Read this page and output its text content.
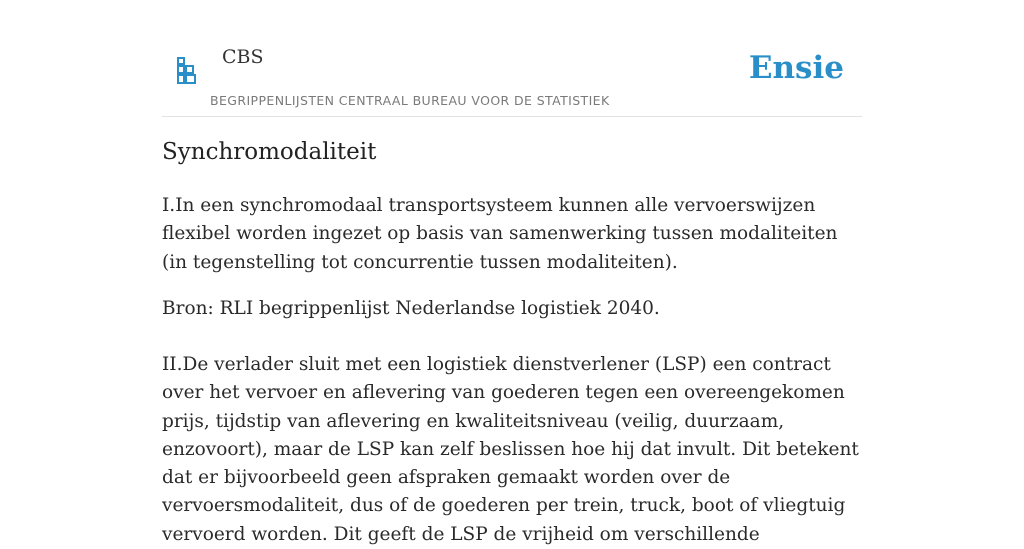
CBS
BEGRIPPENLIJSTEN CENTRAAL BUREAU VOOR DE STATISTIEK
Ensie
Synchromodaliteit

I.In een synchromodaal transportsysteem kunnen alle vervoerswijzen flexibel worden ingezet op basis van samenwerking tussen modaliteiten (in tegenstelling tot concurrentie tussen modaliteiten).

Bron: RLI begrippenlijst Nederlandse logistiek 2040.

II.De verlader sluit met een logistiek dienstverlener (LSP) een contract over het vervoer en aflevering van goederen tegen een overeengekomen prijs, tijdstip van aflevering en kwaliteitsniveau (veilig, duurzaam, enzovoort), maar de LSP kan zelf beslissen hoe hij dat invult. Dit betekent dat er bijvoorbeeld geen afspraken gemaakt worden over de vervoersmodaliteit, dus of de goederen per trein, truck, boot of vliegtuig vervoerd worden. Dit geeft de LSP de vrijheid om verschillende
